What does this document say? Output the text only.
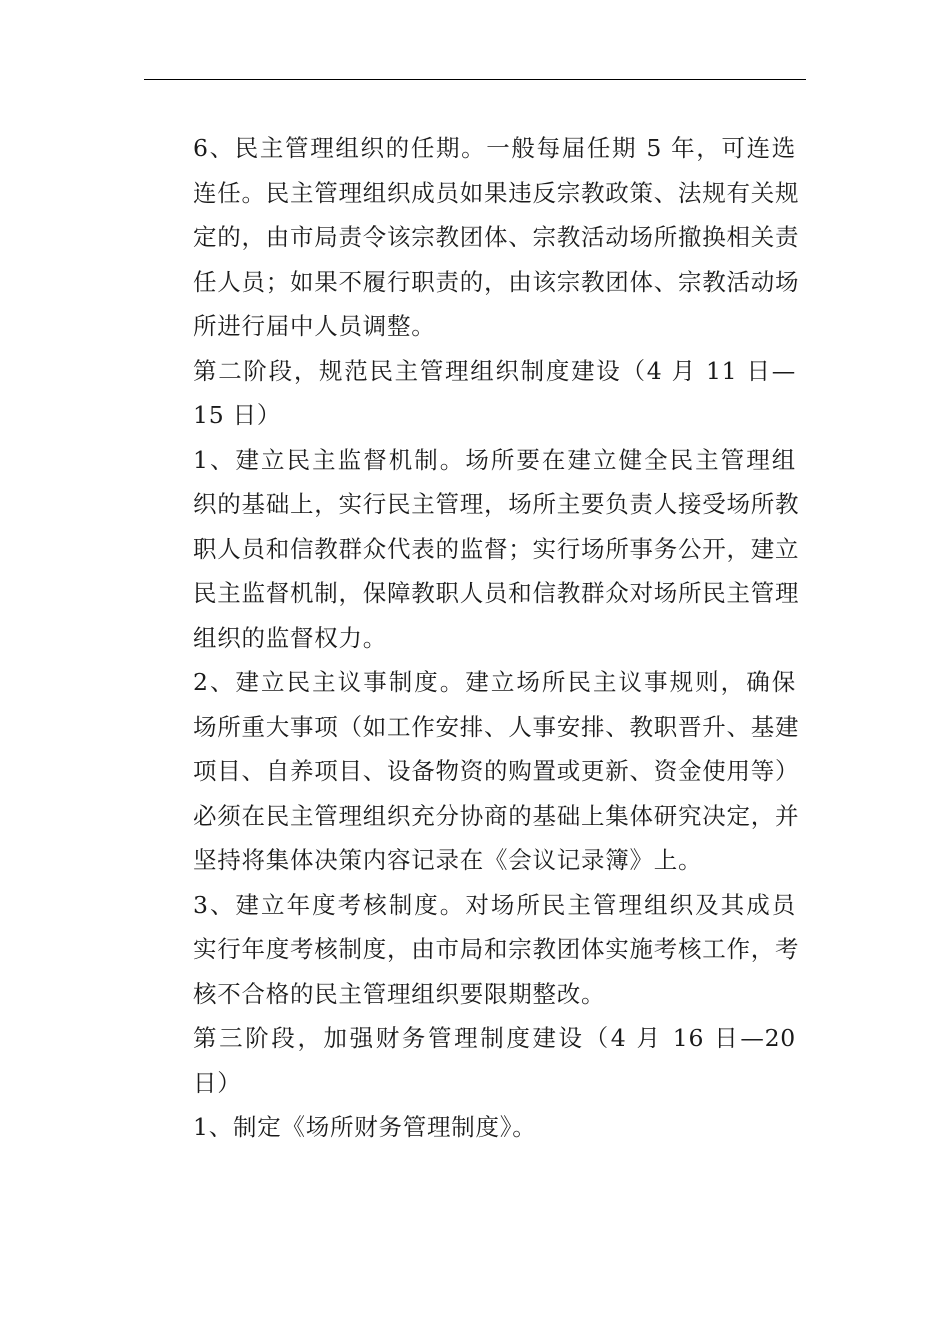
6、民主管理组织的任期。一般每届任期 5 年，可连选
连任。民主管理组织成员如果违反宗教政策、法规有关规
定的，由市局责令该宗教团体、宗教活动场所撤换相关责
任人员；如果不履行职责的，由该宗教团体、宗教活动场
所进行届中人员调整。

第二阶段，规范民主管理组织制度建设（4 月 11 日—
15 日）

1、建立民主监督机制。场所要在建立健全民主管理组
织的基础上，实行民主管理，场所主要负责人接受场所教
职人员和信教群众代表的监督；实行场所事务公开，建立
民主监督机制，保障教职人员和信教群众对场所民主管理
组织的监督权力。

2、建立民主议事制度。建立场所民主议事规则，确保
场所重大事项（如工作安排、人事安排、教职晋升、基建
项目、自养项目、设备物资的购置或更新、资金使用等）
必须在民主管理组织充分协商的基础上集体研究决定，并
坚持将集体决策内容记录在《会议记录簿》上。

3、建立年度考核制度。对场所民主管理组织及其成员
实行年度考核制度，由市局和宗教团体实施考核工作，考
核不合格的民主管理组织要限期整改。

第三阶段，加强财务管理制度建设（4 月 16 日—20
日）

1、制定《场所财务管理制度》。
